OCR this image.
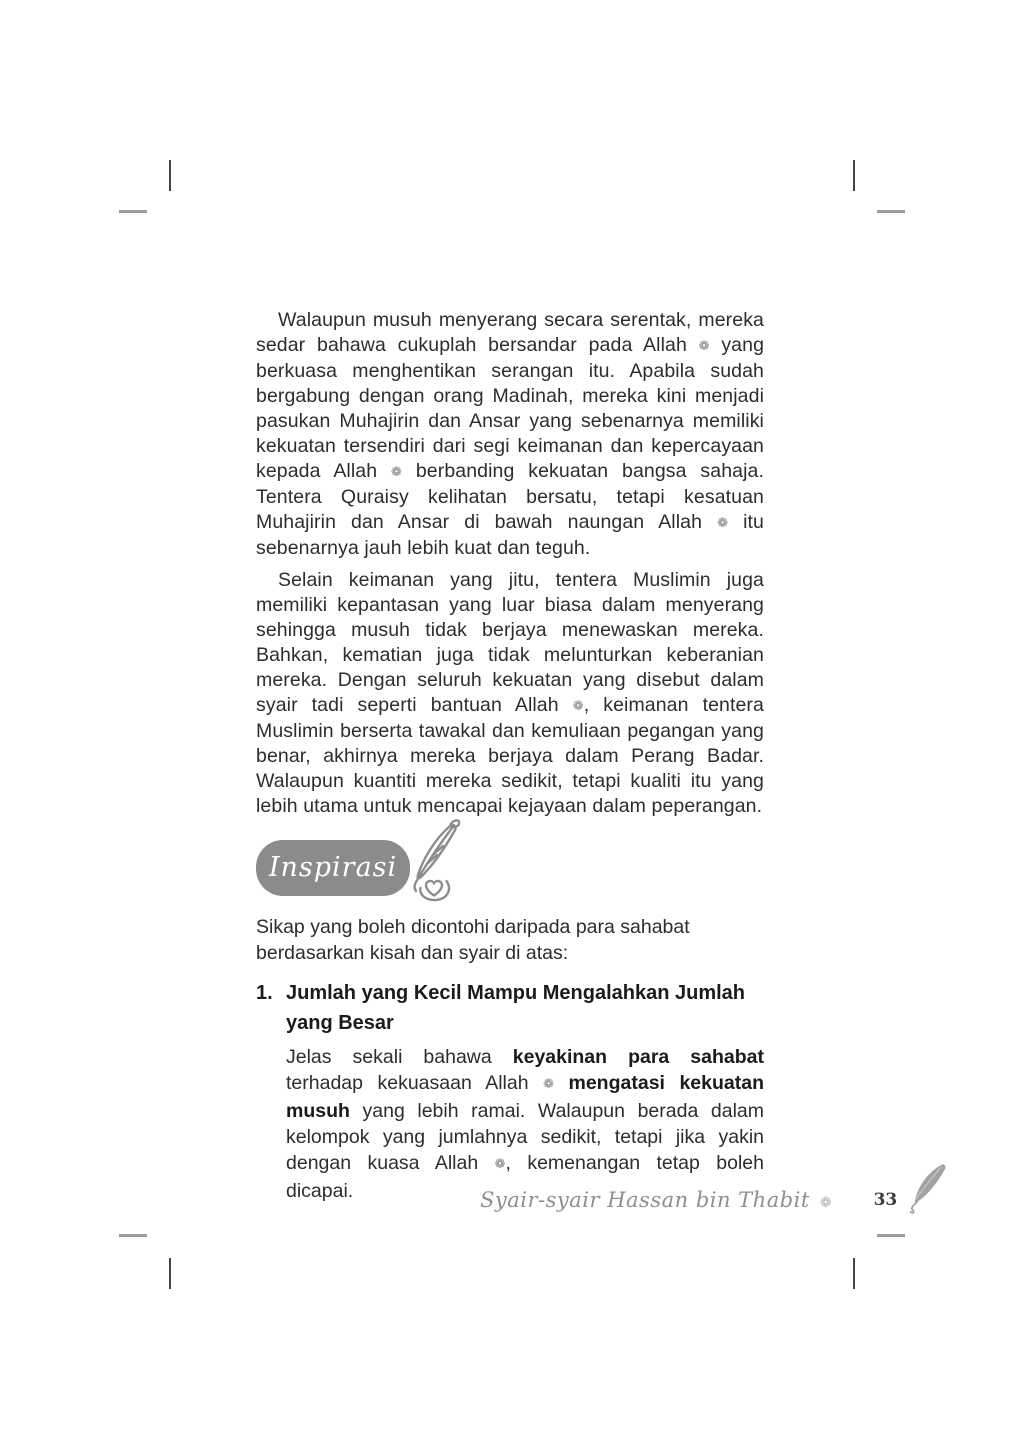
Walaupun musuh menyerang secara serentak, mereka sedar bahawa cukuplah bersandar pada Allah ❁ yang berkuasa menghentikan serangan itu. Apabila sudah bergabung dengan orang Madinah, mereka kini menjadi pasukan Muhajirin dan Ansar yang sebenarnya memiliki kekuatan tersendiri dari segi keimanan dan kepercayaan kepada Allah ❁ berbanding kekuatan bangsa sahaja. Tentera Quraisy kelihatan bersatu, tetapi kesatuan Muhajirin dan Ansar di bawah naungan Allah ❁ itu sebenarnya jauh lebih kuat dan teguh.

Selain keimanan yang jitu, tentera Muslimin juga memiliki kepantasan yang luar biasa dalam menyerang sehingga musuh tidak berjaya menewaskan mereka. Bahkan, kematian juga tidak melunturkan keberanian mereka. Dengan seluruh kekuatan yang disebut dalam syair tadi seperti bantuan Allah ❁, keimanan tentera Muslimin berserta tawakal dan kemuliaan pegangan yang benar, akhirnya mereka berjaya dalam Perang Badar. Walaupun kuantiti mereka sedikit, tetapi kualiti itu yang lebih utama untuk mencapai kejayaan dalam peperangan.

Inspirasi

Sikap yang boleh dicontohi daripada para sahabat berdasarkan kisah dan syair di atas:

1. Jumlah yang Kecil Mampu Mengalahkan Jumlah yang Besar

Jelas sekali bahawa keyakinan para sahabat terhadap kekuasaan Allah ❁ mengatasi kekuatan musuh yang lebih ramai. Walaupun berada dalam kelompok yang jumlahnya sedikit, tetapi jika yakin dengan kuasa Allah ❁, kemenangan tetap boleh dicapai.	Syair-syair Hassan bin Thabit ❁ 33
